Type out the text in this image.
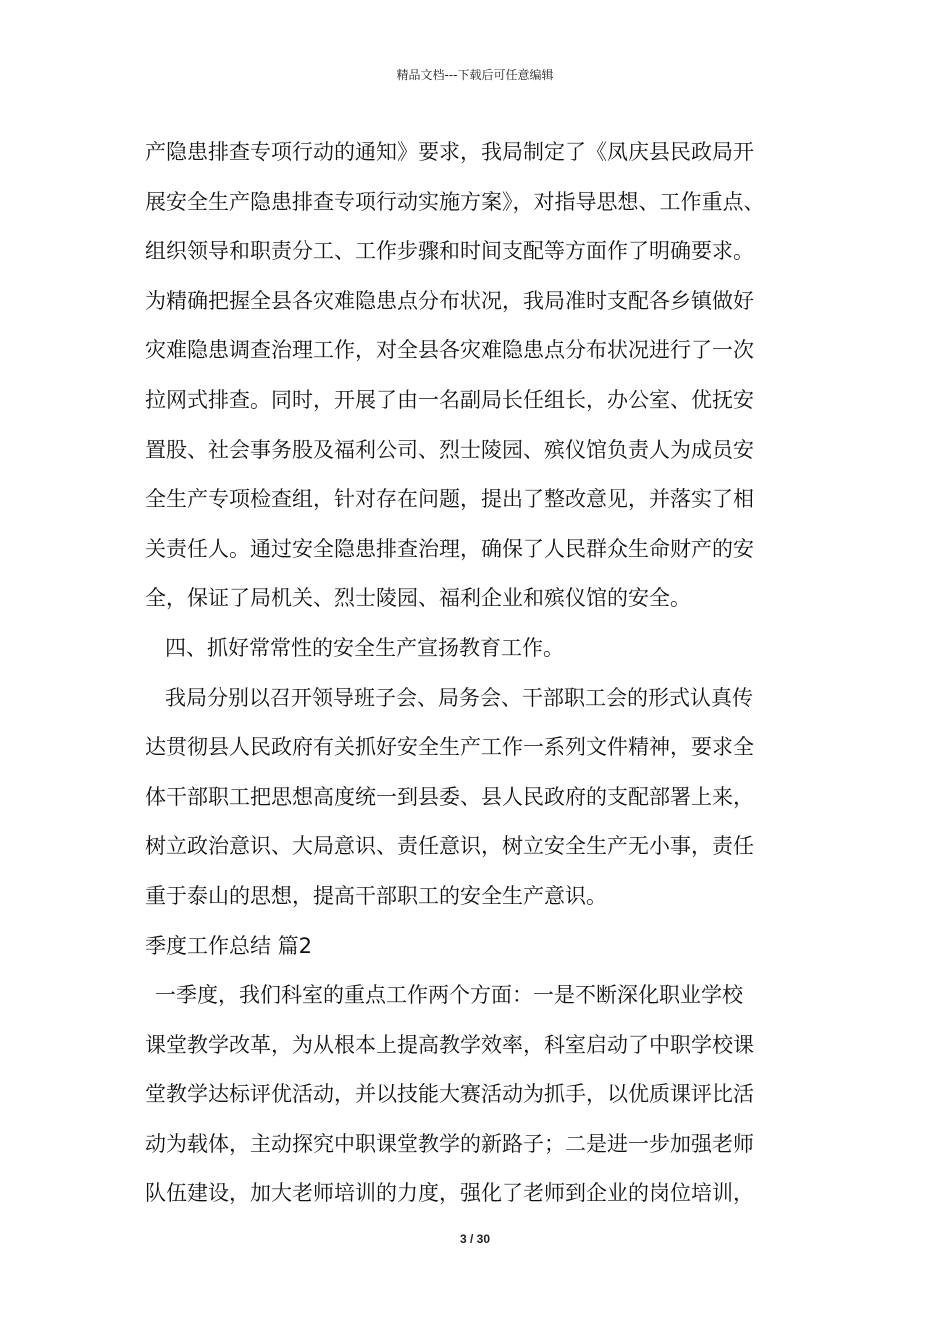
精品文档---下载后可任意编辑
产隐患排查专项行动的通知》要求，我局制定了《凤庆县民政局开
展安全生产隐患排查专项行动实施方案》，对指导思想、工作重点、
组织领导和职责分工、工作步骤和时间支配等方面作了明确要求。
为精确把握全县各灾难隐患点分布状况，我局准时支配各乡镇做好
灾难隐患调查治理工作，对全县各灾难隐患点分布状况进行了一次
拉网式排查。同时，开展了由一名副局长任组长，办公室、优抚安
置股、社会事务股及福利公司、烈士陵园、殡仪馆负责人为成员安
全生产专项检查组，针对存在问题，提出了整改意见，并落实了相
关责任人。通过安全隐患排查治理，确保了人民群众生命财产的安
全，保证了局机关、烈士陵园、福利企业和殡仪馆的安全。
四、抓好常常性的安全生产宣扬教育工作。
我局分别以召开领导班子会、局务会、干部职工会的形式认真传
达贯彻县人民政府有关抓好安全生产工作一系列文件精神，要求全
体干部职工把思想高度统一到县委、县人民政府的支配部署上来，
树立政治意识、大局意识、责任意识，树立安全生产无小事，责任
重于泰山的思想，提高干部职工的安全生产意识。
季度工作总结 篇2
一季度，我们科室的重点工作两个方面：一是不断深化职业学校
课堂教学改革，为从根本上提高教学效率，科室启动了中职学校课
堂教学达标评优活动，并以技能大赛活动为抓手，以优质课评比活
动为载体，主动探究中职课堂教学的新路子；二是进一步加强老师
队伍建设，加大老师培训的力度，强化了老师到企业的岗位培训，
3 / 30
